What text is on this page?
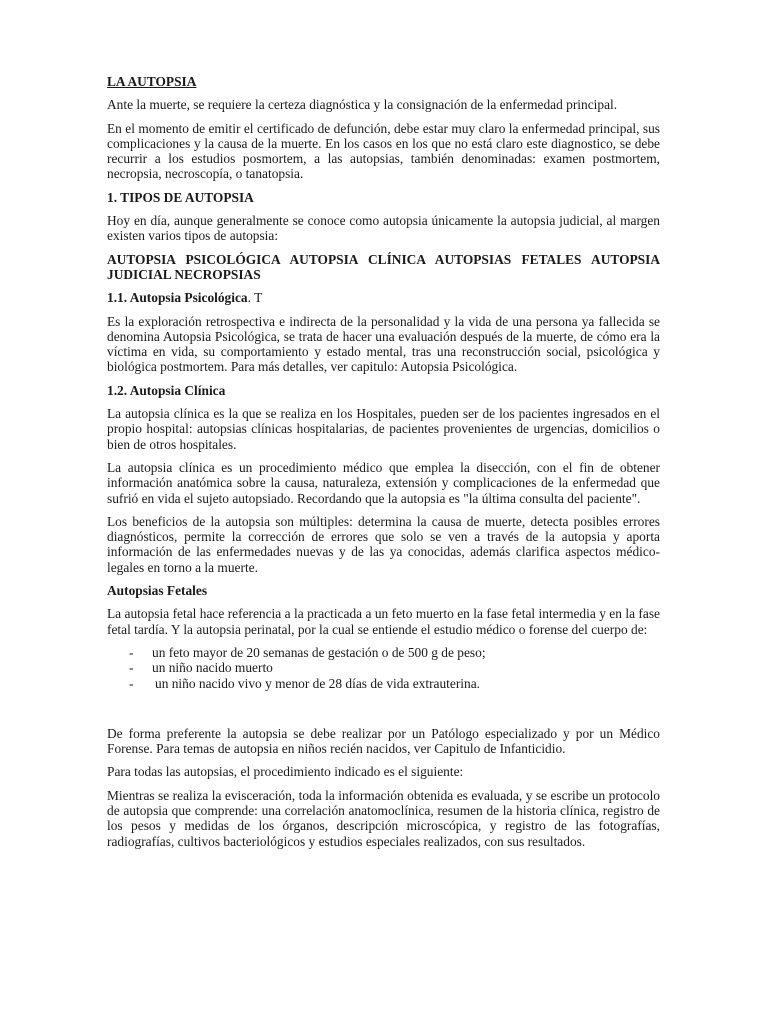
LA AUTOPSIA

Ante la muerte, se requiere la certeza diagnóstica y la consignación de la enfermedad principal.

En el momento de emitir el certificado de defunción, debe estar muy claro la enfermedad principal, sus complicaciones y la causa de la muerte. En los casos en los que no está claro este diagnostico, se debe recurrir a los estudios posmortem, a las autopsias, también denominadas: examen postmortem, necropsia, necroscopía, o tanatopsia.

1. TIPOS DE AUTOPSIA

Hoy en día, aunque generalmente se conoce como autopsia únicamente la autopsia judicial, al margen existen varios tipos de autopsia:

AUTOPSIA PSICOLÓGICA AUTOPSIA CLÍNICA AUTOPSIAS FETALES AUTOPSIA JUDICIAL NECROPSIAS

1.1. Autopsia Psicológica. T

Es la exploración retrospectiva e indirecta de la personalidad y la vida de una persona ya fallecida se denomina Autopsia Psicológica, se trata de hacer una evaluación después de la muerte, de cómo era la víctima en vida, su comportamiento y estado mental, tras una reconstrucción social, psicológica y biológica postmortem. Para más detalles, ver capitulo: Autopsia Psicológica.

1.2. Autopsia Clínica

La autopsia clínica es la que se realiza en los Hospitales, pueden ser de los pacientes ingresados en el propio hospital: autopsias clínicas hospitalarias, de pacientes provenientes de urgencias, domicilios o bien de otros hospitales.

La autopsia clínica es un procedimiento médico que emplea la disección, con el fin de obtener información anatómica sobre la causa, naturaleza, extensión y complicaciones de la enfermedad que sufrió en vida el sujeto autopsiado. Recordando que la autopsia es "la última consulta del paciente".

Los beneficios de la autopsia son múltiples: determina la causa de muerte, detecta posibles errores diagnósticos, permite la corrección de errores que solo se ven a través de la autopsia y aporta información de las enfermedades nuevas y de las ya conocidas, además clarifica aspectos médico-legales en torno a la muerte.

Autopsias Fetales

La autopsia fetal hace referencia a la practicada a un feto muerto en la fase fetal intermedia y en la fase fetal tardía. Y la autopsia perinatal, por la cual se entiende el estudio médico o forense del cuerpo de:

- un feto mayor de 20 semanas de gestación o de 500 g de peso;
- un niño nacido muerto
- un niño nacido vivo y menor de 28 días de vida extrauterina.

De forma preferente la autopsia se debe realizar por un Patólogo especializado y por un Médico Forense. Para temas de autopsia en niños recién nacidos, ver Capitulo de Infanticidio.

Para todas las autopsias, el procedimiento indicado es el siguiente:

Mientras se realiza la evisceración, toda la información obtenida es evaluada, y se escribe un protocolo de autopsia que comprende: una correlación anatomoclínica, resumen de la historia clínica, registro de los pesos y medidas de los órganos, descripción microscópica, y registro de las fotografías, radiografías, cultivos bacteriológicos y estudios especiales realizados, con sus resultados.
